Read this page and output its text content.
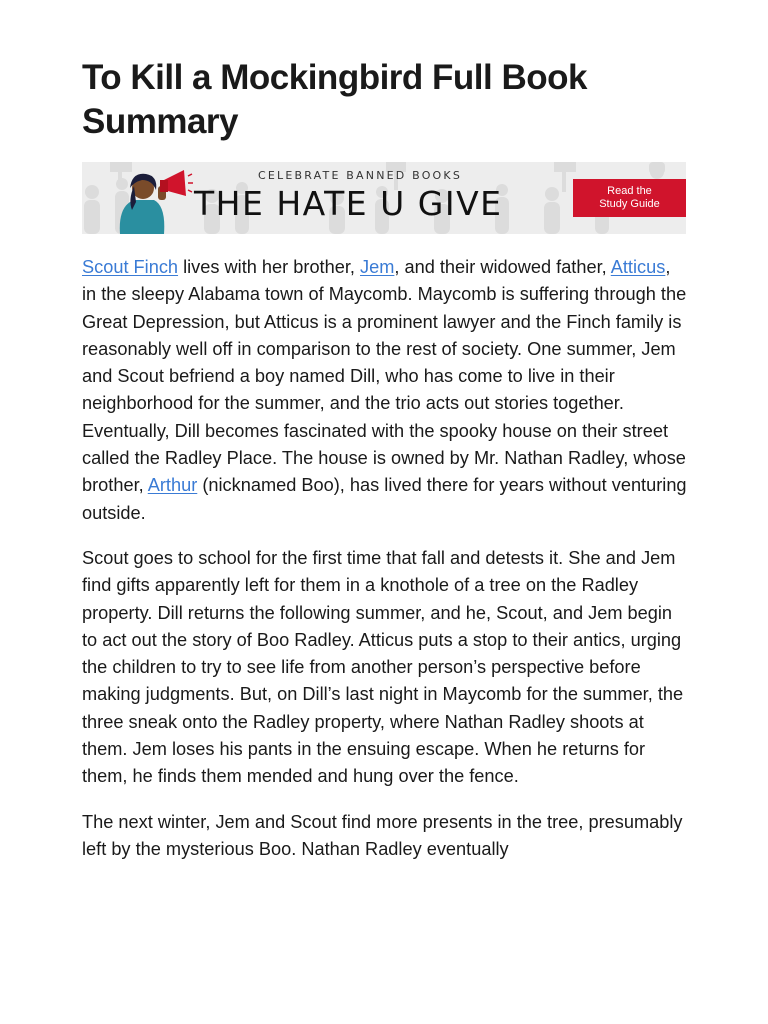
To Kill a Mockingbird Full Book Summary
CELEBRATE BANNED BOOKS
THE HATE U GIVE	Read the
Study Guide

Scout Finch lives with her brother, Jem, and their widowed father, Atticus, in the sleepy Alabama town of Maycomb. Maycomb is suffering through the Great Depression, but Atticus is a prominent lawyer and the Finch family is reasonably well off in comparison to the rest of society. One summer, Jem and Scout befriend a boy named Dill, who has come to live in their neighborhood for the summer, and the trio acts out stories together. Eventually, Dill becomes fascinated with the spooky house on their street called the Radley Place. The house is owned by Mr. Nathan Radley, whose brother, Arthur (nicknamed Boo), has lived there for years without venturing outside.

Scout goes to school for the first time that fall and detests it. She and Jem find gifts apparently left for them in a knothole of a tree on the Radley property. Dill returns the following summer, and he, Scout, and Jem begin to act out the story of Boo Radley. Atticus puts a stop to their antics, urging the children to try to see life from another person’s perspective before making judgments. But, on Dill’s last night in Maycomb for the summer, the three sneak onto the Radley property, where Nathan Radley shoots at them. Jem loses his pants in the ensuing escape. When he returns for them, he finds them mended and hung over the fence.

The next winter, Jem and Scout find more presents in the tree, presumably left by the mysterious Boo. Nathan Radley eventually
